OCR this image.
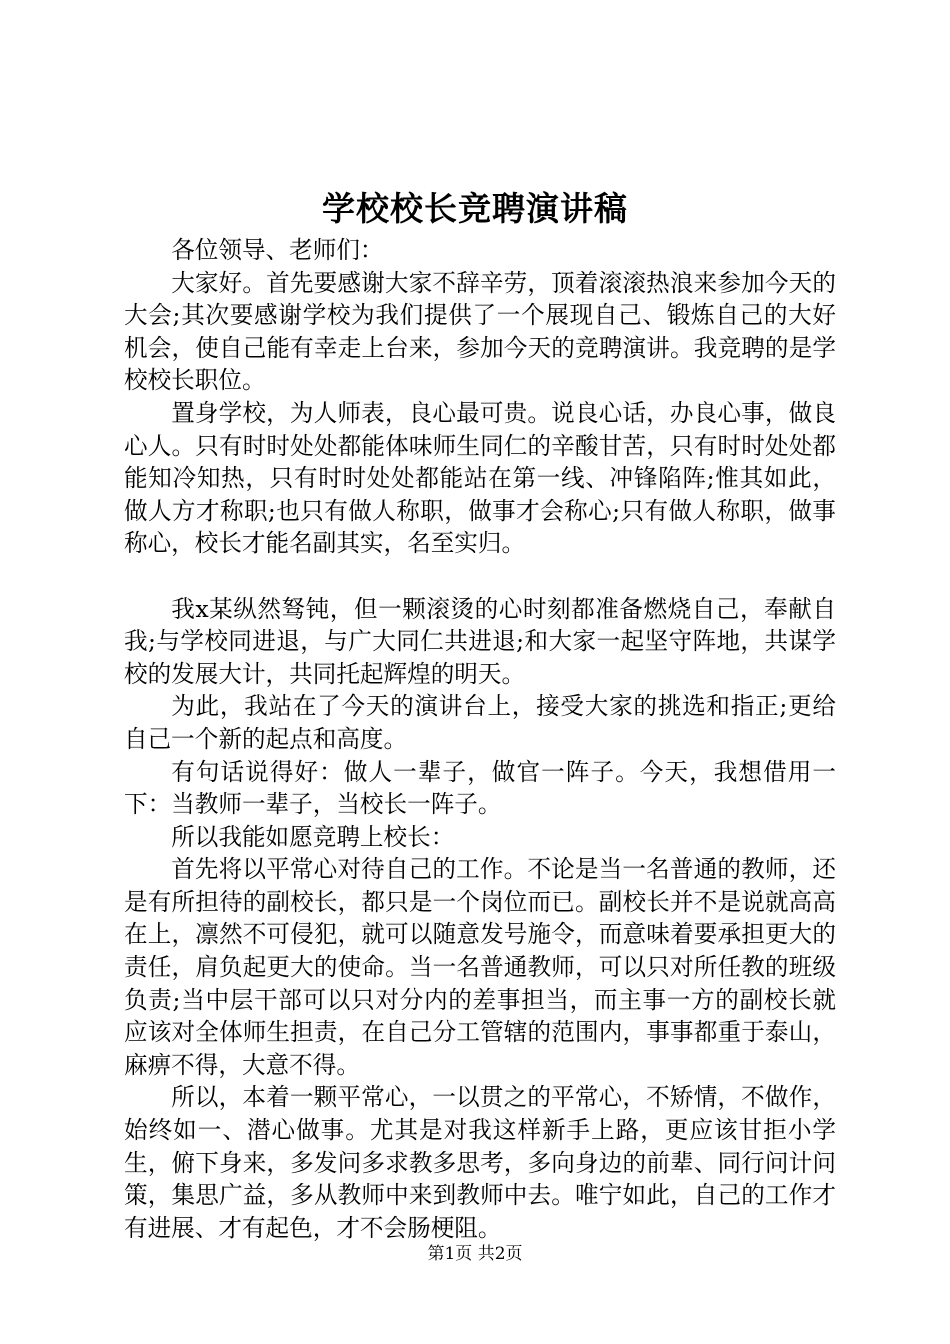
学校校长竞聘演讲稿

各位领导、老师们：

大家好。首先要感谢大家不辞辛劳，顶着滚滚热浪来参加今天的大会;其次要感谢学校为我们提供了一个展现自己、锻炼自己的大好机会，使自己能有幸走上台来，参加今天的竞聘演讲。我竞聘的是学校校长职位。

置身学校，为人师表，良心最可贵。说良心话，办良心事，做良心人。只有时时处处都能体味师生同仁的辛酸甘苦，只有时时处处都能知冷知热，只有时时处处都能站在第一线、冲锋陷阵;惟其如此，做人方才称职;也只有做人称职，做事才会称心;只有做人称职，做事称心，校长才能名副其实，名至实归。

我x某纵然驽钝，但一颗滚烫的心时刻都准备燃烧自己，奉献自我;与学校同进退，与广大同仁共进退;和大家一起坚守阵地，共谋学校的发展大计，共同托起辉煌的明天。

为此，我站在了今天的演讲台上，接受大家的挑选和指正;更给自己一个新的起点和高度。

有句话说得好：做人一辈子，做官一阵子。今天，我想借用一下：当教师一辈子，当校长一阵子。

所以我能如愿竞聘上校长：

首先将以平常心对待自己的工作。不论是当一名普通的教师，还是有所担待的副校长，都只是一个岗位而已。副校长并不是说就高高在上，凛然不可侵犯，就可以随意发号施令，而意味着要承担更大的责任，肩负起更大的使命。当一名普通教师，可以只对所任教的班级负责;当中层干部可以只对分内的差事担当，而主事一方的副校长就应该对全体师生担责，在自己分工管辖的范围内，事事都重于泰山，麻痹不得，大意不得。

所以，本着一颗平常心，一以贯之的平常心，不矫情，不做作，始终如一、潜心做事。尤其是对我这样新手上路，更应该甘拒小学生，俯下身来，多发问多求教多思考，多向身边的前辈、同行问计问策，集思广益，多从教师中来到教师中去。唯宁如此，自己的工作才有进展、才有起色，才不会肠梗阻。

第1页 共2页
